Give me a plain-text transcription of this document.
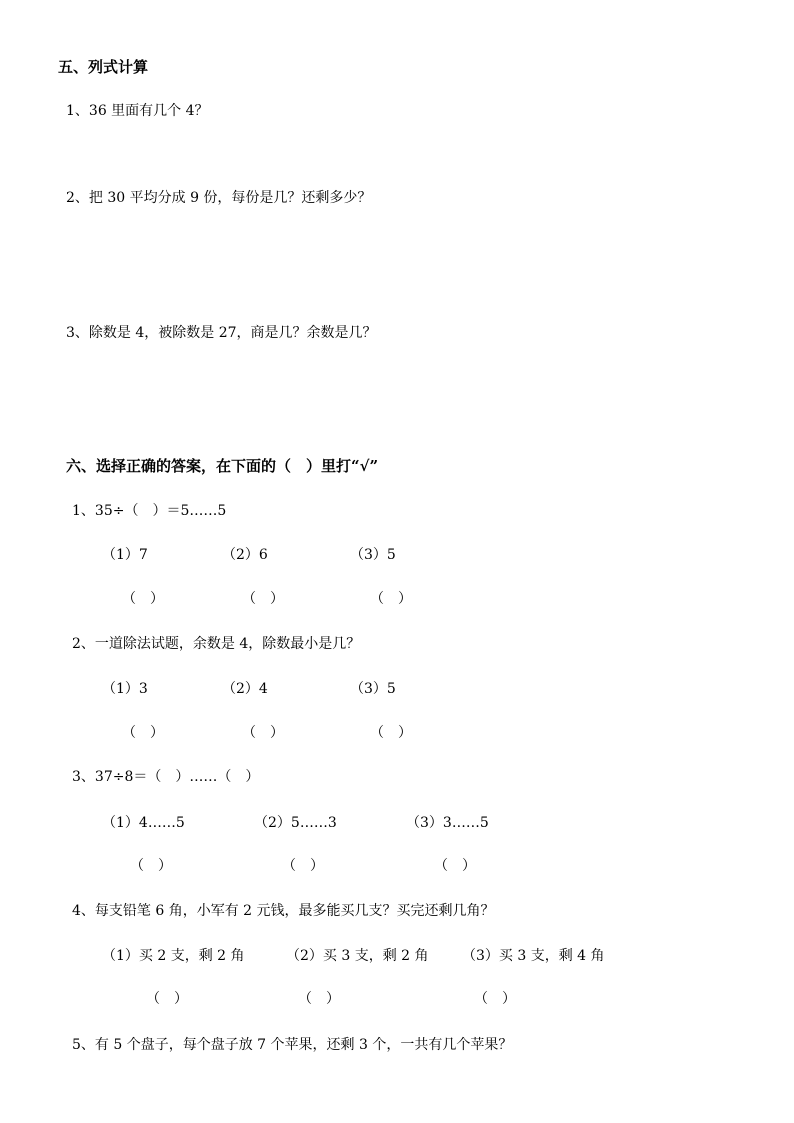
五、列式计算
1、36 里面有几个 4？
2、把 30 平均分成 9 份，每份是几？还剩多少？
3、除数是 4，被除数是 27，商是几？余数是几？
六、选择正确的答案，在下面的（　）里打“√”
1、35÷（　）＝5……5
（1）7	（2）6	（3）5
（　）	（　）	（　）
2、一道除法试题，余数是 4，除数最小是几？
（1）3	（2）4	（3）5
（　）	（　）	（　）
3、37÷8＝（　）……（　）
（1）4……5	（2）5……3	（3）3……5
（　）	（　）	（　）
4、每支铅笔 6 角，小军有 2 元钱，最多能买几支？买完还剩几角？
（1）买 2 支，剩 2 角	（2）买 3 支，剩 2 角 （3）买 3 支，剩 4 角
（　）	（　）	（　）
5、有 5 个盘子，每个盘子放 7 个苹果，还剩 3 个，一共有几个苹果？
